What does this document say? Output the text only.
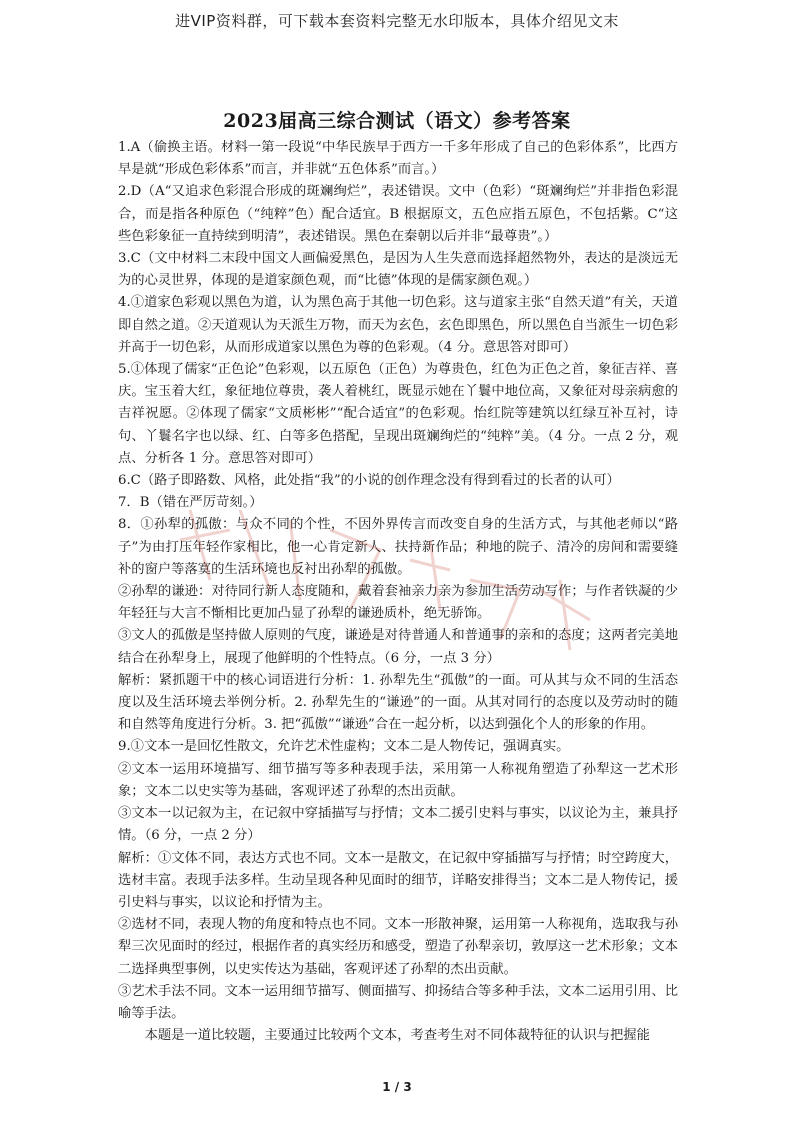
进VIP资料群，可下载本套资料完整无水印版本，具体介绍见文末
2023届高三综合测试（语文）参考答案

1.A（偷换主语。材料一第一段说“中华民族早于西方一千多年形成了自己的色彩体系”，比西方早是就“形成色彩体系”而言，并非就“五色体系”而言。）

2.D（A“又追求色彩混合形成的斑斓绚烂”，表述错误。文中（色彩）“斑斓绚烂”并非指色彩混合，而是指各种原色（“纯粹”色）配合适宜。B 根据原文，五色应指五原色，不包括紫。C“这些色彩象征一直持续到明清”，表述错误。黑色在秦朝以后并非“最尊贵”。）

3.C（文中材料二末段中国文人画偏爱黑色，是因为人生失意而选择超然物外，表达的是淡远无为的心灵世界，体现的是道家颜色观，而“比德”体现的是儒家颜色观。）

4.①道家色彩观以黑色为道，认为黑色高于其他一切色彩。这与道家主张“自然天道”有关，天道即自然之道。②天道观认为天派生万物，而天为玄色，玄色即黑色，所以黑色自当派生一切色彩并高于一切色彩，从而形成道家以黑色为尊的色彩观。（4 分。意思答对即可）

5.①体现了儒家“正色论”色彩观，以五原色（正色）为尊贵色，红色为正色之首，象征吉祥、喜庆。宝玉着大红，象征地位尊贵，袭人着桃红，既显示她在丫鬟中地位高，又象征对母亲病愈的吉祥祝愿。②体现了儒家“文质彬彬”“配合适宜”的色彩观。怡红院等建筑以红绿互补互衬，诗句、丫鬟名字也以绿、红、白等多色搭配，呈现出斑斓绚烂的“纯粹”美。（4 分。一点 2 分，观点、分析各 1 分。意思答对即可）

6.C（路子即路数、风格，此处指“我”的小说的创作理念没有得到看过的长者的认可）

7．B（错在严厉苛刻。）

8．①孙犁的孤傲：与众不同的个性，不因外界传言而改变自身的生活方式，与其他老师以“路子”为由打压年轻作家相比，他一心肯定新人、扶持新作品；种地的院子、清冷的房间和需要缝补的窗户等落寞的生活环境也反衬出孙犁的孤傲。

②孙犁的谦逊：对待同行新人态度随和，戴着套袖亲力亲为参加生活劳动写作；与作者铁凝的少年轻狂与大言不惭相比更加凸显了孙犁的谦逊质朴，绝无骄饰。

③文人的孤傲是坚持做人原则的气度，谦逊是对待普通人和普通事的亲和的态度；这两者完美地结合在孙犁身上，展现了他鲜明的个性特点。（6 分，一点 3 分）

解析：紧抓题干中的核心词语进行分析：1. 孙犁先生“孤傲”的一面。可从其与众不同的生活态度以及生活环境去举例分析。2. 孙犁先生的“谦逊”的一面。从其对同行的态度以及劳动时的随和自然等角度进行分析。3. 把“孤傲”“谦逊”合在一起分析，以达到强化个人的形象的作用。

9.①文本一是回忆性散文，允许艺术性虚构；文本二是人物传记，强调真实。

②文本一运用环境描写、细节描写等多种表现手法，采用第一人称视角塑造了孙犁这一艺术形象；文本二以史实等为基础，客观评述了孙犁的杰出贡献。

③文本一以记叙为主，在记叙中穿插描写与抒情；文本二援引史料与事实，以议论为主，兼具抒情。（6 分，一点 2 分）

解析：①文体不同，表达方式也不同。文本一是散文，在记叙中穿插描写与抒情；时空跨度大，选材丰富。表现手法多样。生动呈现各种见面时的细节，详略安排得当；文本二是人物传记，援引史料与事实，以议论和抒情为主。

②选材不同，表现人物的角度和特点也不同。文本一形散神聚，运用第一人称视角，选取我与孙犁三次见面时的经过，根据作者的真实经历和感受，塑造了孙犁亲切，敦厚这一艺术形象；文本二选择典型事例，以史实传达为基础，客观评述了孙犁的杰出贡献。

③艺术手法不同。文本一运用细节描写、侧面描写、抑扬结合等多种手法，文本二运用引用、比喻等手法。

本题是一道比较题，主要通过比较两个文本，考查考生对不同体裁特征的认识与把握能

1 / 3
